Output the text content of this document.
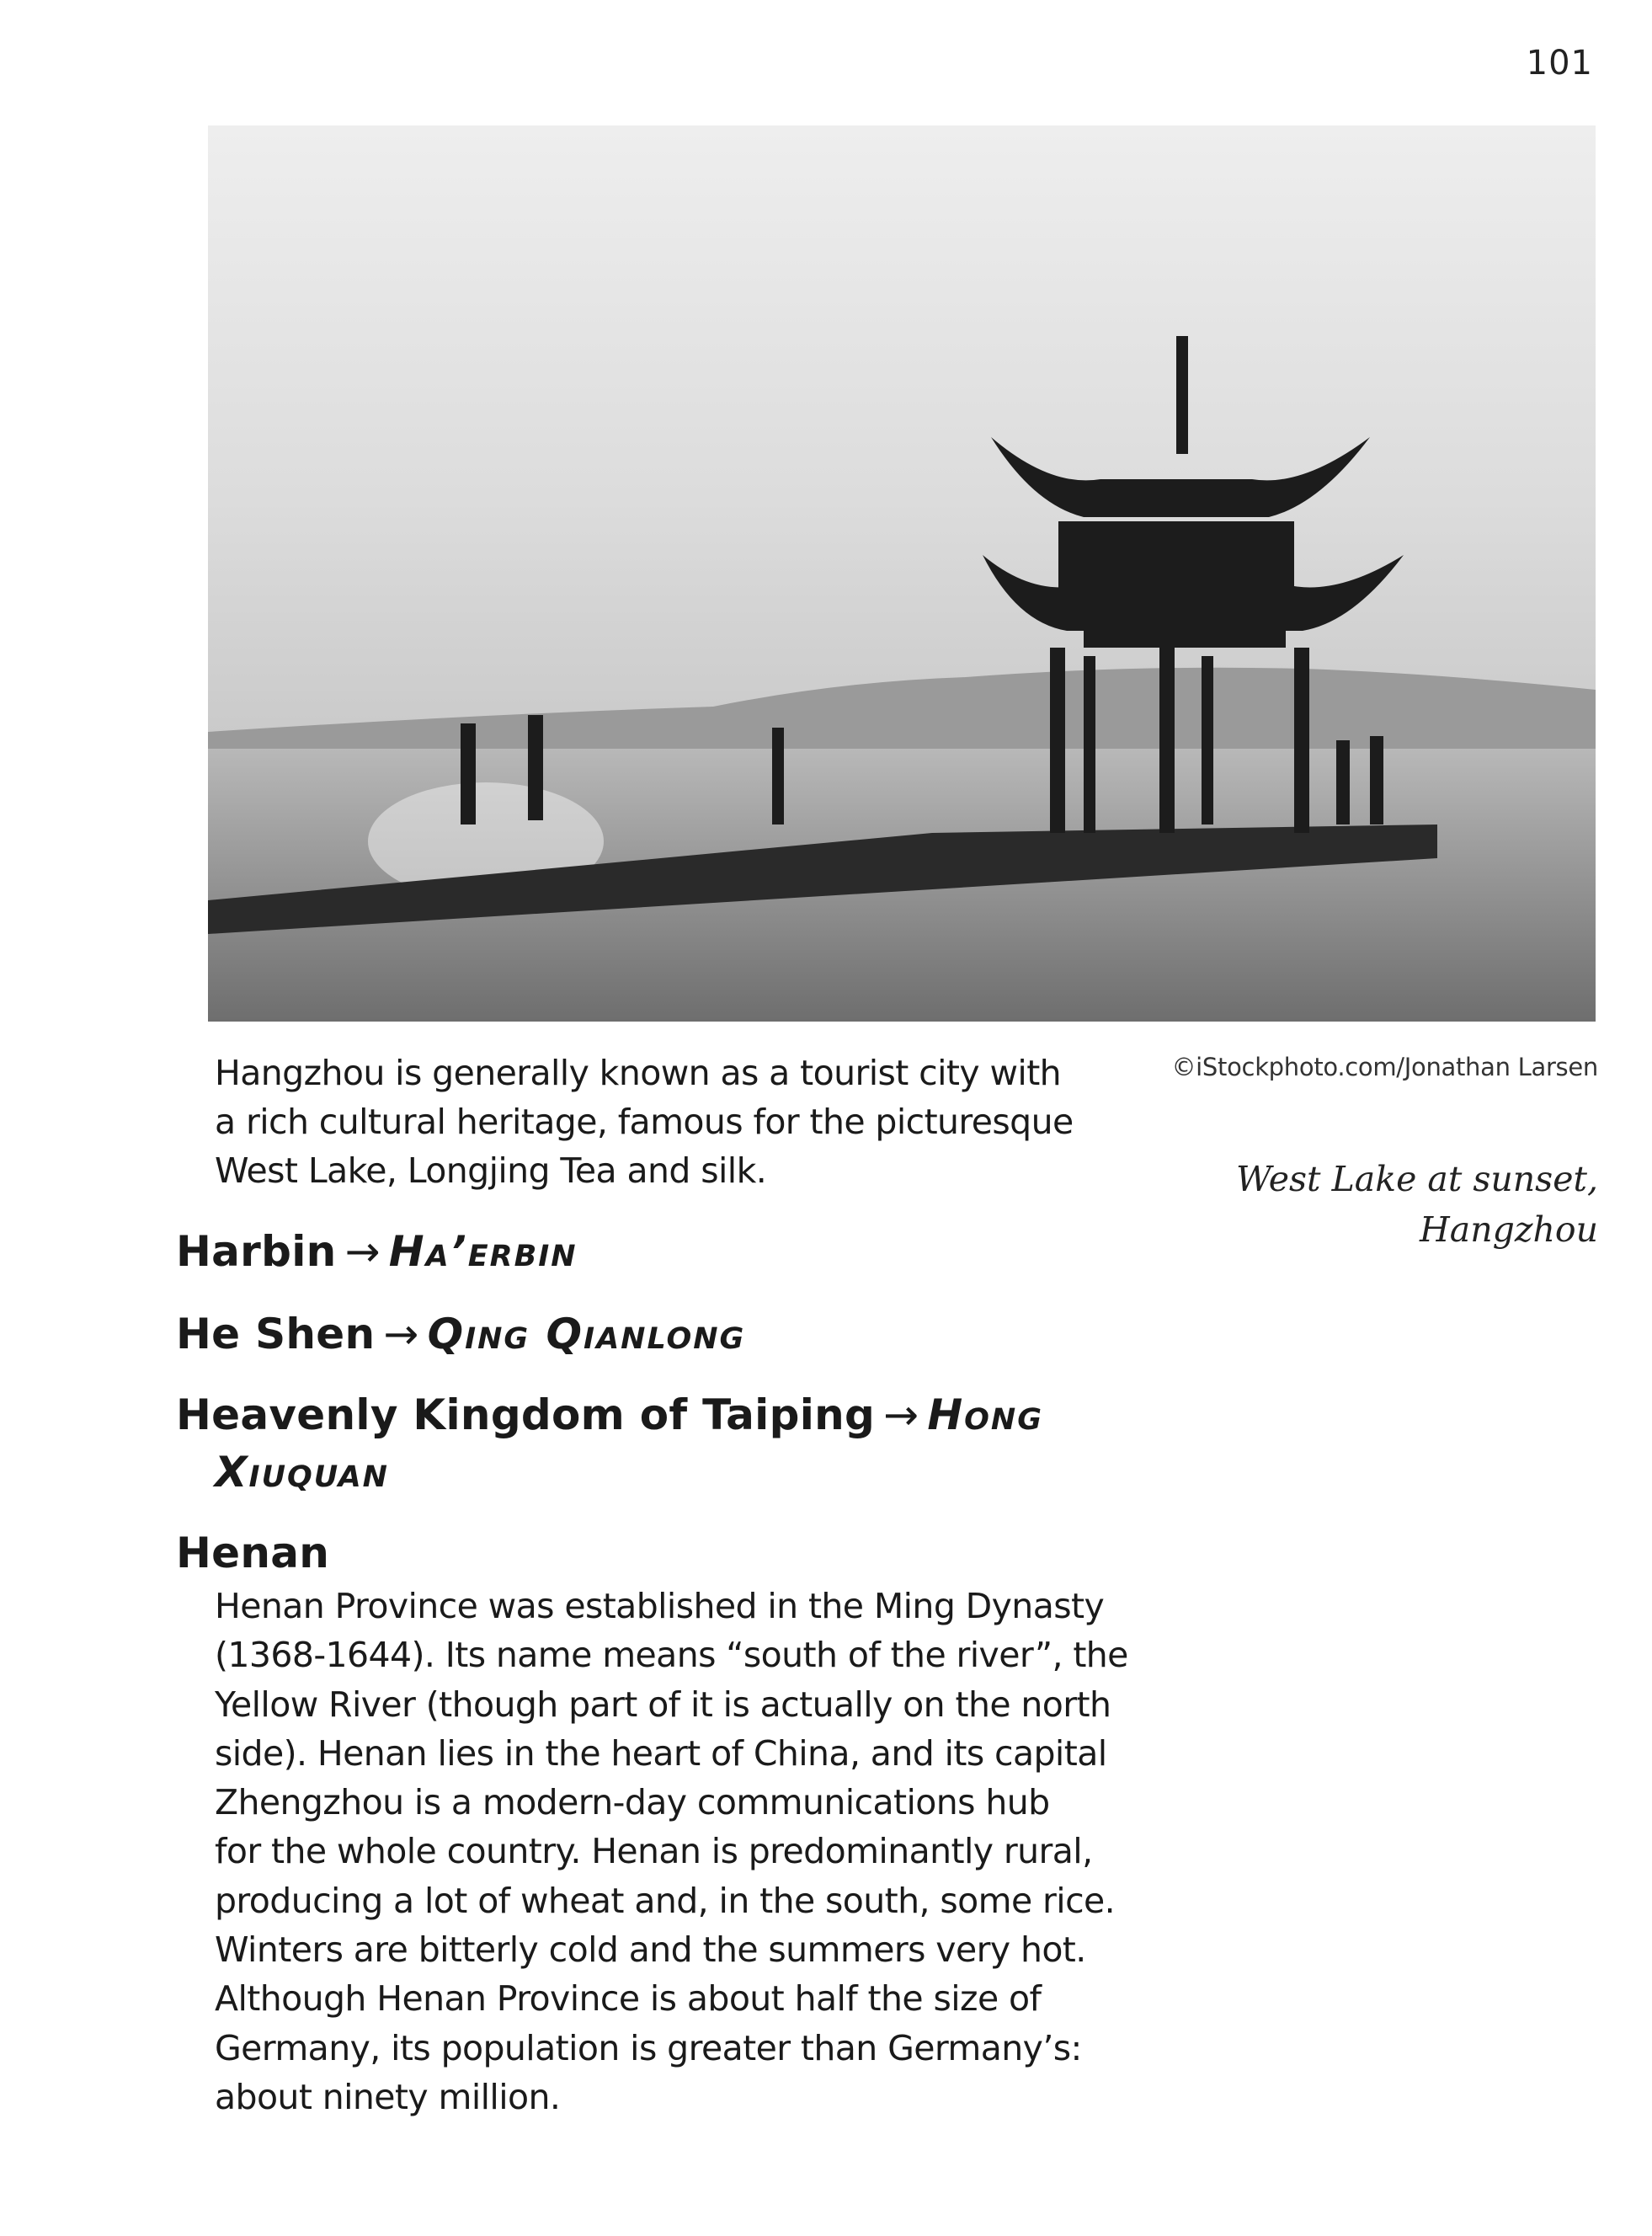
101
Hangzhou is generally known as a tourist city with
a rich cultural heritage, famous for the picturesque
West Lake, Longjing Tea and silk.
©iStockphoto.com/Jonathan Larsen
West Lake at sunset,
Hangzhou
Harbin → Ha’erbin
He Shen → Qing Qianlong
Heavenly Kingdom of Taiping → Hong
Xiuquan
Henan
Henan Province was established in the Ming Dynasty
(1368-1644). Its name means “south of the river”, the
Yellow River (though part of it is actually on the north
side). Henan lies in the heart of China, and its capital
Zhengzhou is a modern-day communications hub
for the whole country. Henan is predominantly rural,
producing a lot of wheat and, in the south, some rice.
Winters are bitterly cold and the summers very hot.
Although Henan Province is about half the size of
Germany, its population is greater than Germany’s:
about ninety million.
